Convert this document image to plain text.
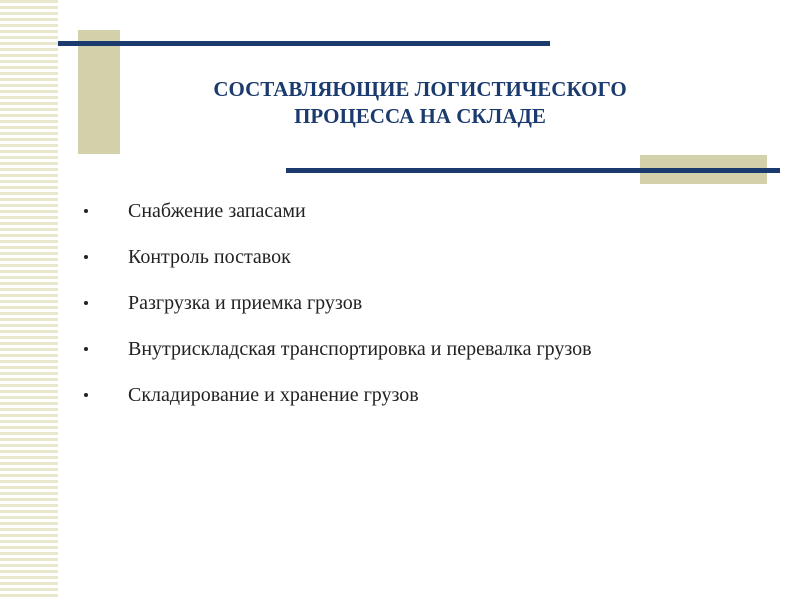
СОСТАВЛЯЮЩИЕ ЛОГИСТИЧЕСКОГО
ПРОЦЕССА НА СКЛАДЕ
Снабжение запасами
Контроль поставок
Разгрузка и приемка грузов
Внутрискладская транспортировка и перевалка грузов
Складирование и хранение грузов
